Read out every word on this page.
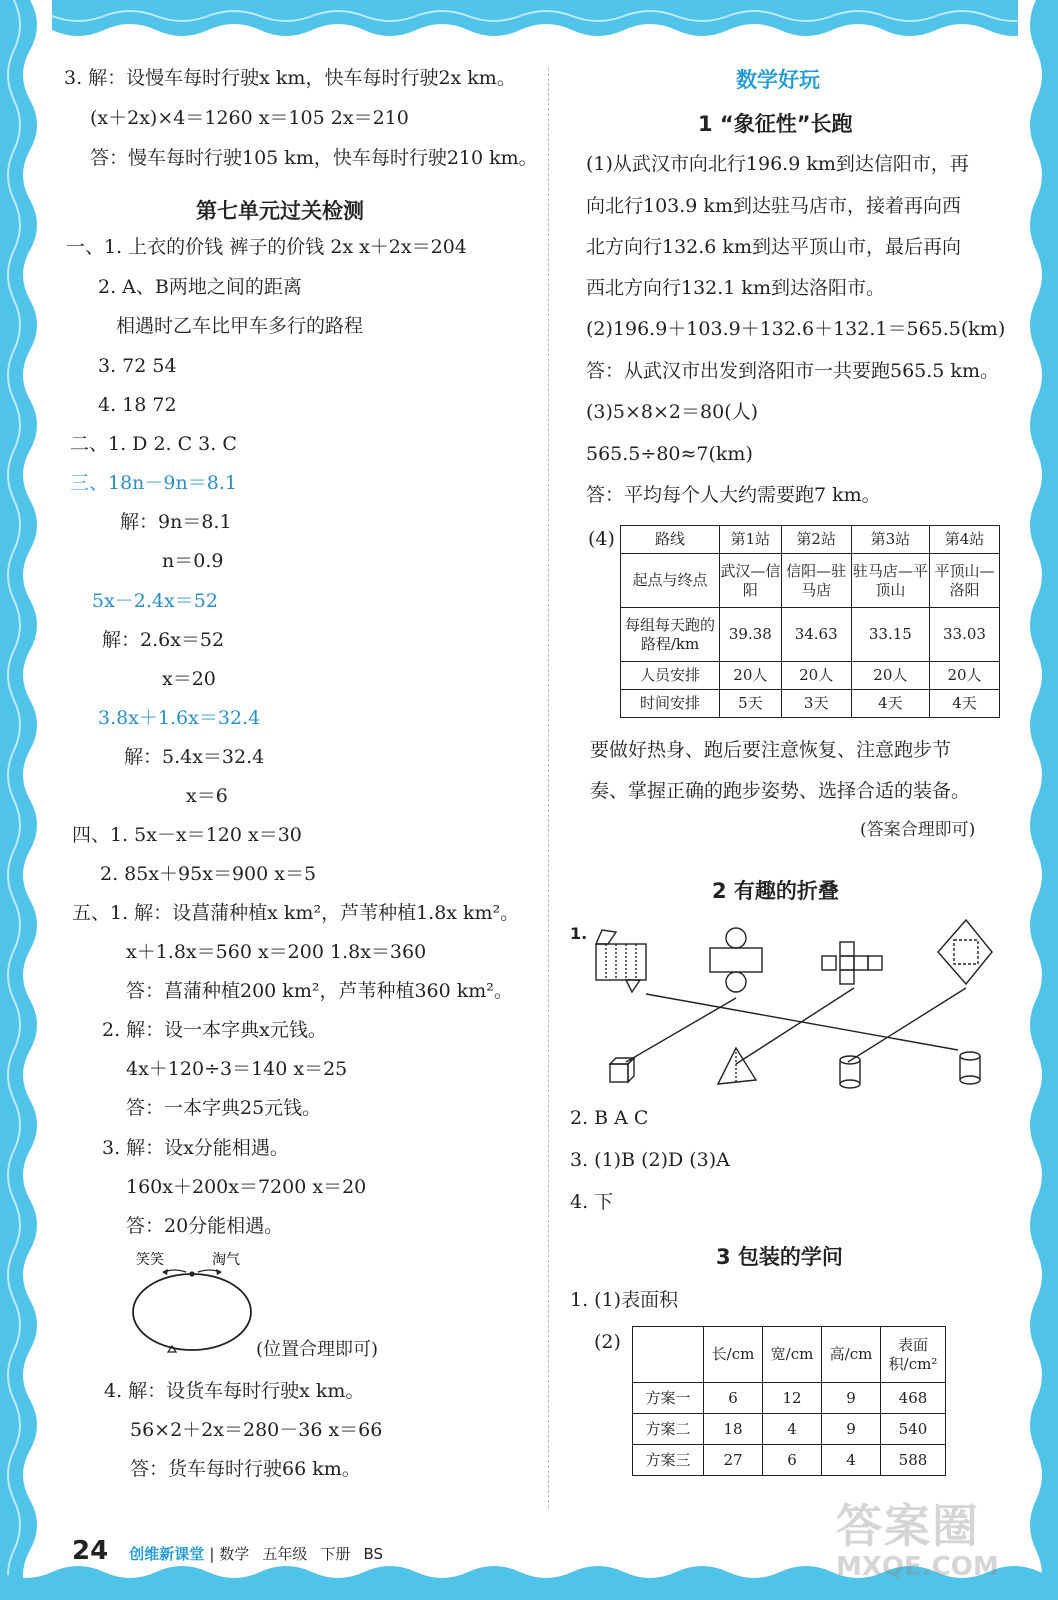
3. 解：设慢车每时行驶x km，快车每时行驶2x km。
(x＋2x)×4＝1260 x＝105 2x＝210
答：慢车每时行驶105 km，快车每时行驶210 km。
第七单元过关检测
一、1. 上衣的价钱 裤子的价钱 2x x＋2x＝204
2. A、B两地之间的距离
相遇时乙车比甲车多行的路程
3. 72 54
4. 18 72
二、1. D 2. C 3. C
三、18n－9n＝8.1
解：9n＝8.1
n＝0.9
5x－2.4x＝52
解：2.6x＝52
x＝20
3.8x＋1.6x＝32.4
解：5.4x＝32.4
x＝6
四、1. 5x－x＝120 x＝30
2. 85x＋95x＝900 x＝5
五、1. 解：设菖蒲种植x km²，芦苇种植1.8x km²。
x＋1.8x＝560 x＝200 1.8x＝360
答：菖蒲种植200 km²，芦苇种植360 km²。
2. 解：设一本字典x元钱。
4x＋120÷3＝140 x＝25
答：一本字典25元钱。
3. 解：设x分能相遇。
160x＋200x＝7200 x＝20
答：20分能相遇。
笑笑	淘气
(位置合理即可)
4. 解：设货车每时行驶x km。
56×2＋2x＝280－36 x＝66
答：货车每时行驶66 km。
数学好玩
1 “象征性”长跑
(1)从武汉市向北行196.9 km到达信阳市，再
向北行103.9 km到达驻马店市，接着再向西
北方向行132.6 km到达平顶山市，最后再向
西北方向行132.1 km到达洛阳市。
(2)196.9＋103.9＋132.6＋132.1＝565.5(km)
答：从武汉市出发到洛阳市一共要跑565.5 km。
(3)5×8×2＝80(人)
565.5÷80≈7(km)
答：平均每个人大约需要跑7 km。
(4)	路线	第1站	第2站	第3站	第4站
起点与终点	武汉—信阳	信阳—驻马店	驻马店—平顶山	平顶山—洛阳
每组每天跑的路程/km	39.38	34.63	33.15	33.03
人员安排	20人	20人	20人	20人
时间安排	5天	3天	4天	4天
要做好热身、跑后要注意恢复、注意跑步节
奏、掌握正确的跑步姿势、选择合适的装备。
(答案合理即可)
2 有趣的折叠
1.
2. B A C
3. (1)B (2)D (3)A
4. 下
3 包装的学问
1. (1)表面积
(2)
	长/cm	宽/cm	高/cm	表面积/cm²
方案一	6	12	9	468
方案二	18	4	9	540
方案三	27	6	4	588
24 创维新课堂 | 数学 五年级 下册 BS
答案圈
MXQE.COM
